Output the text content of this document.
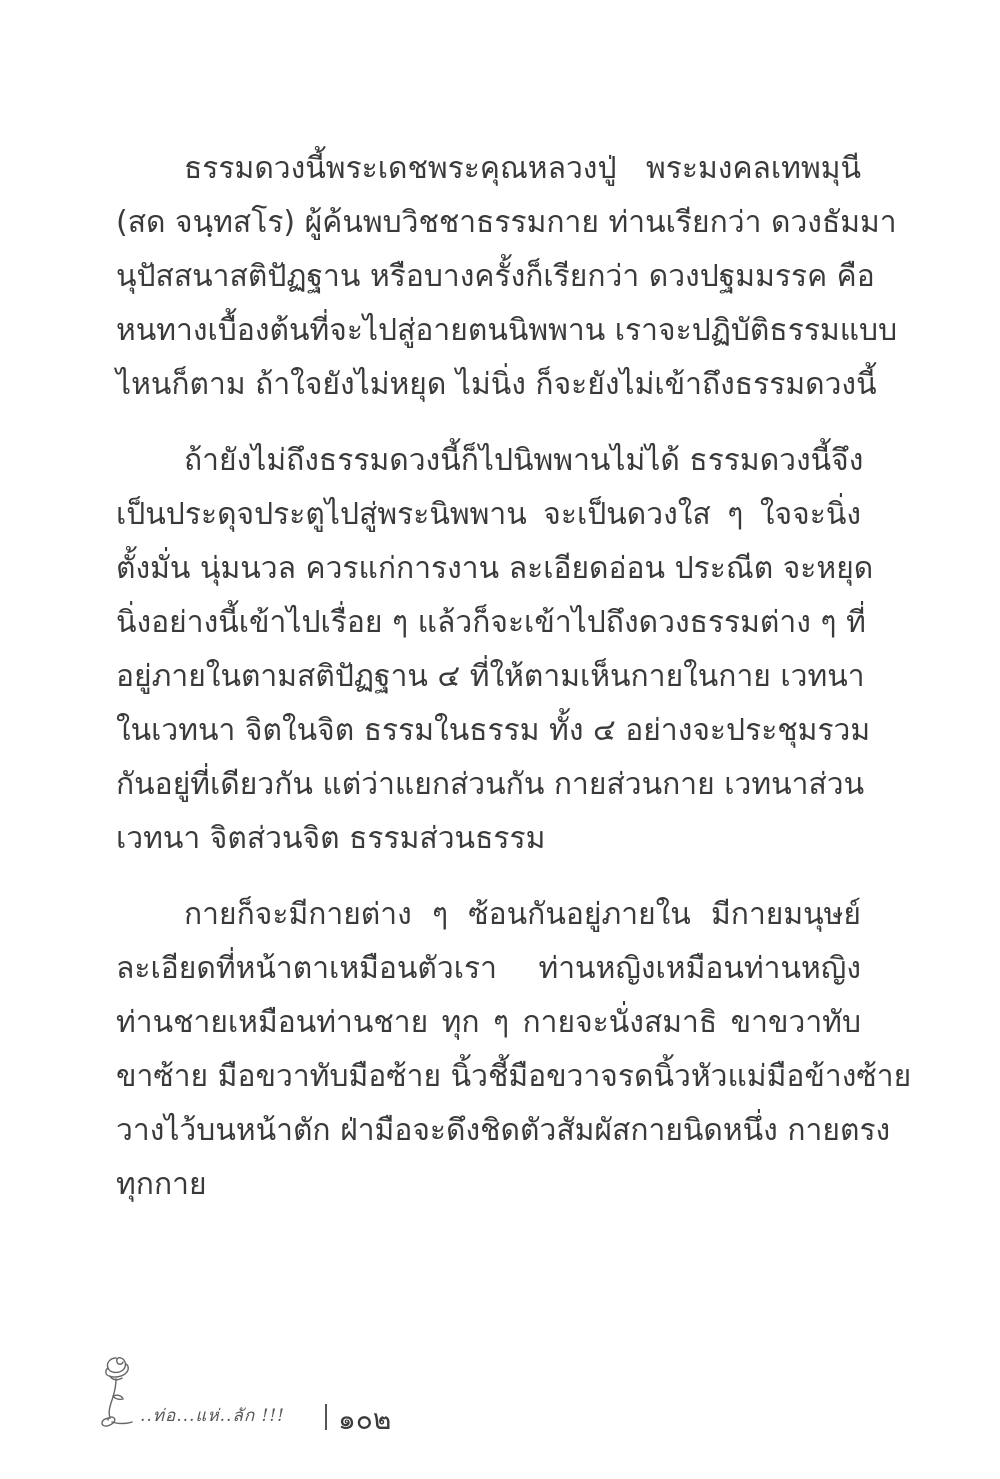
ธรรมดวงนี้พระเดชพระคุณหลวงปู่ พระมงคลเทพมุนี
(สด จนฺทสโร) ผู้ค้นพบวิชชาธรรมกาย ท่านเรียกว่า ดวงธัมมา
นุปัสสนาสติปัฏฐาน หรือบางครั้งก็เรียกว่า ดวงปฐมมรรค คือ
หนทางเบื้องต้นที่จะไปสู่อายตนนิพพาน เราจะปฏิบัติธรรมแบบ
ไหนก็ตาม ถ้าใจยังไม่หยุด ไม่นิ่ง ก็จะยังไม่เข้าถึงธรรมดวงนี้
ถ้ายังไม่ถึงธรรมดวงนี้ก็ไปนิพพานไม่ได้ ธรรมดวงนี้จึง
เป็นประดุจประตูไปสู่พระนิพพาน จะเป็นดวงใส ๆ ใจจะนิ่ง
ตั้งมั่น นุ่มนวล ควรแก่การงาน ละเอียดอ่อน ประณีต จะหยุด
นิ่งอย่างนี้เข้าไปเรื่อย ๆ แล้วก็จะเข้าไปถึงดวงธรรมต่าง ๆ ที่
อยู่ภายในตามสติปัฏฐาน ๔ ที่ให้ตามเห็นกายในกาย เวทนา
ในเวทนา จิตในจิต ธรรมในธรรม ทั้ง ๔ อย่างจะประชุมรวม
กันอยู่ที่เดียวกัน แต่ว่าแยกส่วนกัน กายส่วนกาย เวทนาส่วน
เวทนา จิตส่วนจิต ธรรมส่วนธรรม
กายก็จะมีกายต่าง ๆ ซ้อนกันอยู่ภายใน มีกายมนุษย์
ละเอียดที่หน้าตาเหมือนตัวเรา ท่านหญิงเหมือนท่านหญิง
ท่านชายเหมือนท่านชาย ทุก ๆ กายจะนั่งสมาธิ ขาขวาทับ
ขาซ้าย มือขวาทับมือซ้าย นิ้วชี้มือขวาจรดนิ้วหัวแม่มือข้างซ้าย
วางไว้บนหน้าตัก ฝ่ามือจะดึงชิดตัวสัมผัสกายนิดหนึ่ง กายตรง
ทุกกาย
..ท่อ...แห่..ลัก !!! ๑๐๒
